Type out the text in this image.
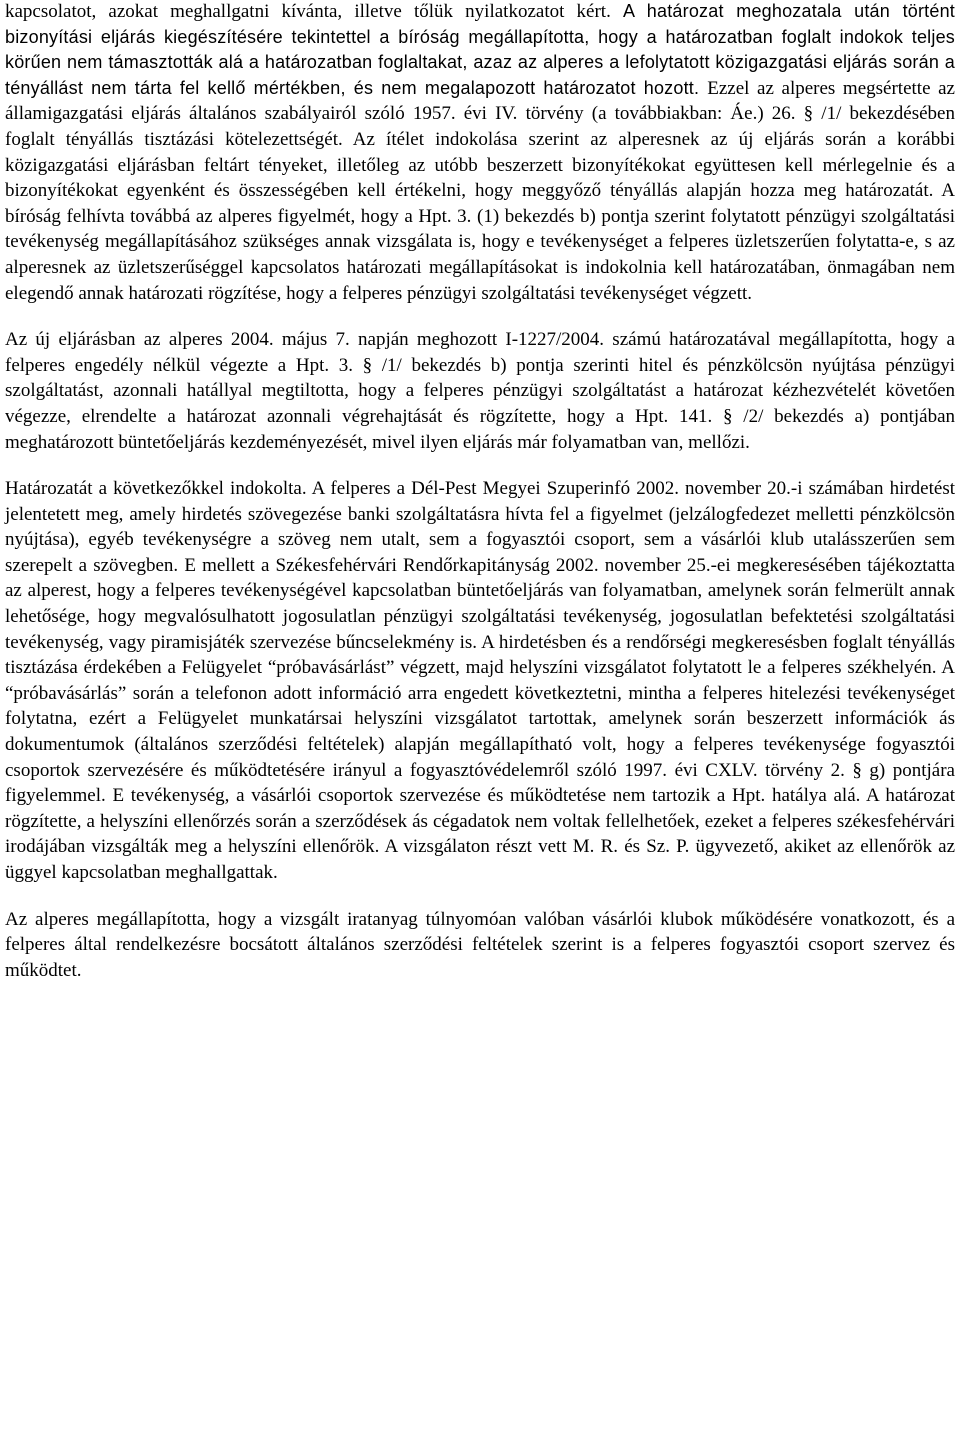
kapcsolatot, azokat meghallgatni kívánta, illetve tőlük nyilatkozatot kért. A határozat meghozatala után történt bizonyítási eljárás kiegészítésére tekintettel a bíróság megállapította, hogy a határozatban foglalt indokok teljes körűen nem támasztották alá a határozatban foglaltakat, azaz az alperes a lefolytatott közigazgatási eljárás során a tényállást nem tárta fel kellő mértékben, és nem megalapozott határozatot hozott. Ezzel az alperes megsértette az államigazgatási eljárás általános szabályairól szóló 1957. évi IV. törvény (a továbbiakban: Áe.) 26. § /1/ bekezdésében foglalt tényállás tisztázási kötelezettségét. Az ítélet indokolása szerint az alperesnek az új eljárás során a korábbi közigazgatási eljárásban feltárt tényeket, illetőleg az utóbb beszerzett bizonyítékokat együttesen kell mérlegelnie és a bizonyítékokat egyenként és összességében kell értékelni, hogy meggyőző tényállás alapján hozza meg határozatát. A bíróság felhívta továbbá az alperes figyelmét, hogy a Hpt. 3. (1) bekezdés b) pontja szerint folytatott pénzügyi szolgáltatási tevékenység megállapításához szükséges annak vizsgálata is, hogy e tevékenységet a felperes üzletszerűen folytatta-e, s az alperesnek az üzletszerűséggel kapcsolatos határozati megállapításokat is indokolnia kell határozatában, önmagában nem elegendő annak határozati rögzítése, hogy a felperes pénzügyi szolgáltatási tevékenységet végzett.

Az új eljárásban az alperes 2004. május 7. napján meghozott I-1227/2004. számú határozatával megállapította, hogy a felperes engedély nélkül végezte a Hpt. 3. § /1/ bekezdés b) pontja szerinti hitel és pénzkölcsön nyújtása pénzügyi szolgáltatást, azonnali hatállyal megtiltotta, hogy a felperes pénzügyi szolgáltatást a határozat kézhezvételét követően végezze, elrendelte a határozat azonnali végrehajtását és rögzítette, hogy a Hpt. 141. § /2/ bekezdés a) pontjában meghatározott büntetőeljárás kezdeményezését, mivel ilyen eljárás már folyamatban van, mellőzi.

Határozatát a következőkkel indokolta. A felperes a Dél-Pest Megyei Szuperinfó 2002. november 20.-i számában hirdetést jelentetett meg, amely hirdetés szövegezése banki szolgáltatásra hívta fel a figyelmet (jelzálogfedezet melletti pénzkölcsön nyújtása), egyéb tevékenységre a szöveg nem utalt, sem a fogyasztói csoport, sem a vásárlói klub utalásszerűen sem szerepelt a szövegben. E mellett a Székesfehérvári Rendőrkapitányság 2002. november 25.-ei megkeresésében tájékoztatta az alperest, hogy a felperes tevékenységével kapcsolatban büntetőeljárás van folyamatban, amelynek során felmerült annak lehetősége, hogy megvalósulhatott jogosulatlan pénzügyi szolgáltatási tevékenység, jogosulatlan befektetési szolgáltatási tevékenység, vagy piramisjáték szervezése bűncselekmény is. A hirdetésben és a rendőrségi megkeresésben foglalt tényállás tisztázása érdekében a Felügyelet “próbavásárlást” végzett, majd helyszíni vizsgálatot folytatott le a felperes székhelyén. A “próbavásárlás” során a telefonon adott információ arra engedett következtetni, mintha a felperes hitelezési tevékenységet folytatna, ezért a Felügyelet munkatársai helyszíni vizsgálatot tartottak, amelynek során beszerzett információk ás dokumentumok (általános szerződési feltételek) alapján megállapítható volt, hogy a felperes tevékenysége fogyasztói csoportok szervezésére és működtetésére irányul a fogyasztóvédelemről szóló 1997. évi CXLV. törvény 2. § g) pontjára figyelemmel. E tevékenység, a vásárlói csoportok szervezése és működtetése nem tartozik a Hpt. hatálya alá. A határozat rögzítette, a helyszíni ellenőrzés során a szerződések ás cégadatok nem voltak fellelhetőek, ezeket a felperes székesfehérvári irodájában vizsgálták meg a helyszíni ellenőrök. A vizsgálaton részt vett M. R. és Sz. P. ügyvezető, akiket az ellenőrök az üggyel kapcsolatban meghallgattak.

Az alperes megállapította, hogy a vizsgált iratanyag túlnyomóan valóban vásárlói klubok működésére vonatkozott, és a felperes által rendelkezésre bocsátott általános szerződési feltételek szerint is a felperes fogyasztói csoport szervez és működtet.
